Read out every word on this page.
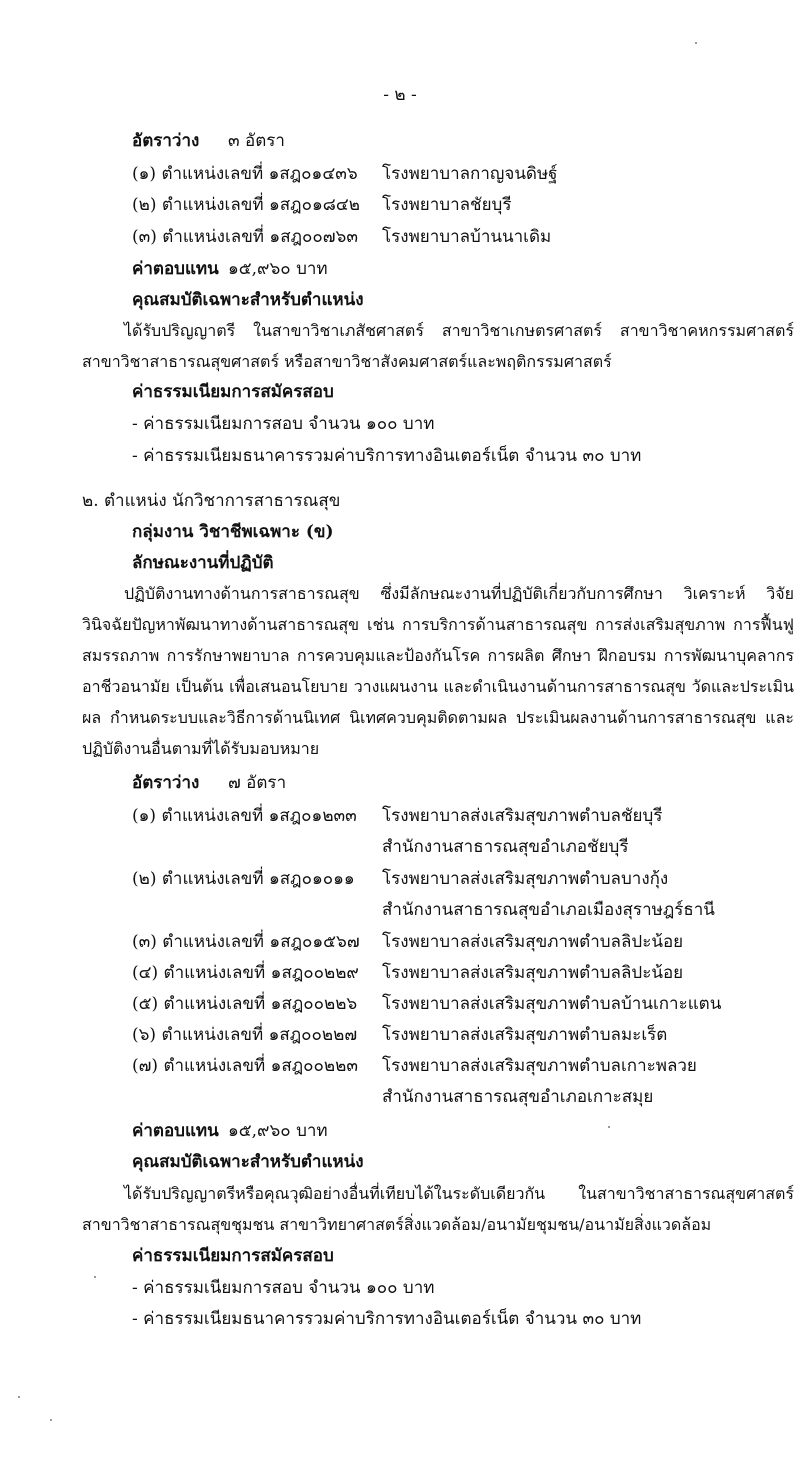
- ๒ -
อัตราว่าง ๓ อัตรา
(๑) ตำแหน่งเลขที่ ๑สฎ๐๑๔๓๖ โรงพยาบาลกาญจนดิษฐ์
(๒) ตำแหน่งเลขที่ ๑สฎ๐๑๘๔๒ โรงพยาบาลชัยบุรี
(๓) ตำแหน่งเลขที่ ๑สฎ๐๐๗๖๓ โรงพยาบาลบ้านนาเดิม
ค่าตอบแทน ๑๕,๙๖๐ บาท
คุณสมบัติเฉพาะสำหรับตำแหน่ง
ได้รับปริญญาตรี ในสาขาวิชาเภสัชศาสตร์ สาขาวิชาเกษตรศาสตร์ สาขาวิชาคหกรรมศาสตร์ สาขาวิชาสาธารณสุขศาสตร์ หรือสาขาวิชาสังคมศาสตร์และพฤติกรรมศาสตร์
ค่าธรรมเนียมการสมัครสอบ
- ค่าธรรมเนียมการสอบ จำนวน ๑๐๐ บาท
- ค่าธรรมเนียมธนาคารรวมค่าบริการทางอินเตอร์เน็ต จำนวน ๓๐ บาท
๒. ตำแหน่ง นักวิชาการสาธารณสุข
กลุ่มงาน วิชาชีพเฉพาะ (ข)
ลักษณะงานที่ปฏิบัติ
ปฏิบัติงานทางด้านการสาธารณสุข ซึ่งมีลักษณะงานที่ปฏิบัติเกี่ยวกับการศึกษา วิเคราะห์ วิจัย วินิจฉัยปัญหาพัฒนาทางด้านสาธารณสุข เช่น การบริการด้านสาธารณสุข การส่งเสริมสุขภาพ การฟื้นฟูสมรรถภาพ การรักษาพยาบาล การควบคุมและป้องกันโรค การผลิต ศึกษา ฝึกอบรม การพัฒนาบุคลากรอาชีวอนามัย เป็นต้น เพื่อเสนอนโยบาย วางแผนงาน และดำเนินงานด้านการสาธารณสุข วัดและประเมินผล กำหนดระบบและวิธีการด้านนิเทศ นิเทศควบคุมติดตามผล ประเมินผลงานด้านการสาธารณสุข และปฏิบัติงานอื่นตามที่ได้รับมอบหมาย
อัตราว่าง ๗ อัตรา
(๑) ตำแหน่งเลขที่ ๑สฎ๐๑๒๓๓ โรงพยาบาลส่งเสริมสุขภาพตำบลชัยบุรี
สำนักงานสาธารณสุขอำเภอชัยบุรี
(๒) ตำแหน่งเลขที่ ๑สฎ๐๑๐๑๑ โรงพยาบาลส่งเสริมสุขภาพตำบลบางกุ้ง
สำนักงานสาธารณสุขอำเภอเมืองสุราษฎร์ธานี
(๓) ตำแหน่งเลขที่ ๑สฎ๐๑๕๖๗ โรงพยาบาลส่งเสริมสุขภาพตำบลลิปะน้อย
(๔) ตำแหน่งเลขที่ ๑สฎ๐๐๒๒๙ โรงพยาบาลส่งเสริมสุขภาพตำบลลิปะน้อย
(๕) ตำแหน่งเลขที่ ๑สฎ๐๐๒๒๖ โรงพยาบาลส่งเสริมสุขภาพตำบลบ้านเกาะแตน
(๖) ตำแหน่งเลขที่ ๑สฎ๐๐๒๒๗ โรงพยาบาลส่งเสริมสุขภาพตำบลมะเร็ต
(๗) ตำแหน่งเลขที่ ๑สฎ๐๐๒๒๓ โรงพยาบาลส่งเสริมสุขภาพตำบลเกาะพลวย
สำนักงานสาธารณสุขอำเภอเกาะสมุย
ค่าตอบแทน ๑๕,๙๖๐ บาท
คุณสมบัติเฉพาะสำหรับตำแหน่ง
ได้รับปริญญาตรีหรือคุณวุฒิอย่างอื่นที่เทียบได้ในระดับเดียวกัน ในสาขาวิชาสาธารณสุขศาสตร์ สาขาวิชาสาธารณสุขชุมชน สาขาวิทยาศาสตร์สิ่งแวดล้อม/อนามัยชุมชน/อนามัยสิ่งแวดล้อม
ค่าธรรมเนียมการสมัครสอบ
- ค่าธรรมเนียมการสอบ จำนวน ๑๐๐ บาท
- ค่าธรรมเนียมธนาคารรวมค่าบริการทางอินเตอร์เน็ต จำนวน ๓๐ บาท
